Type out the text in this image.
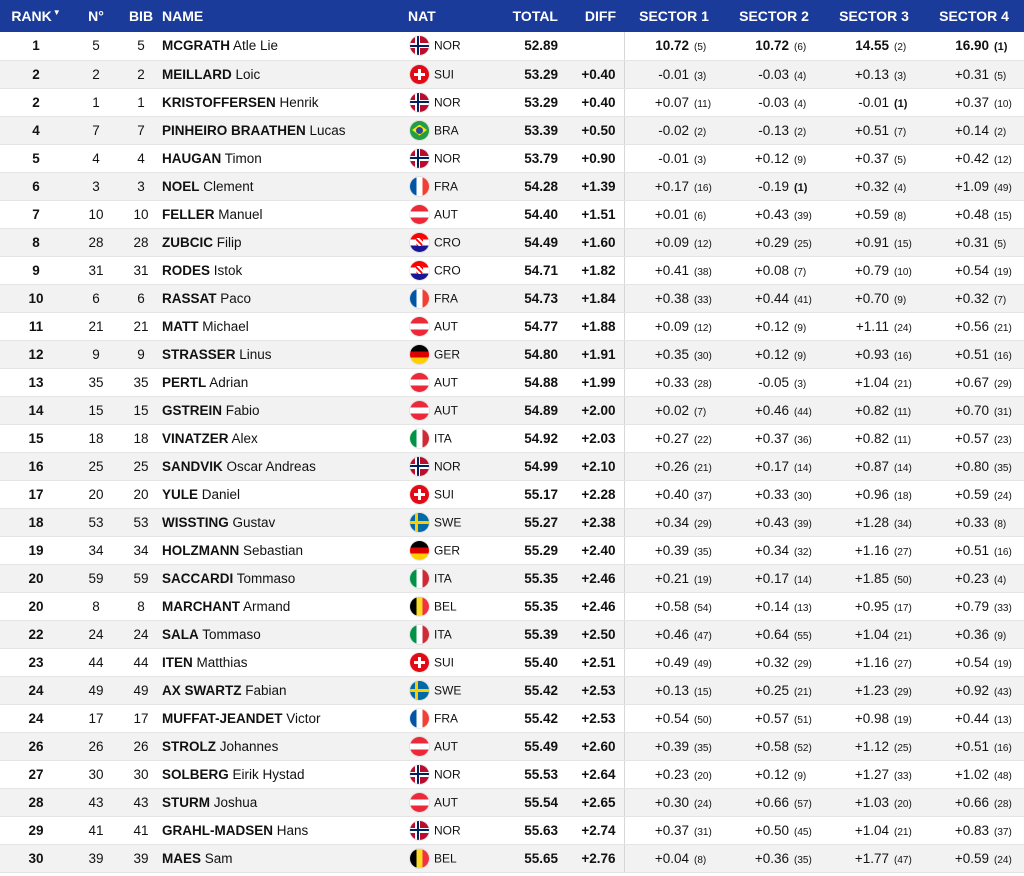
RANK▼	N°	BIB	NAME	NAT	TOTAL	DIFF	SECTOR 1	SECTOR 2	SECTOR 3	SECTOR 4
1	5	5	MCGRATH Atle Lie	NOR	52.89		10.72 (5)	10.72 (6)	14.55 (2)	16.90 (1)
2	2	2	MEILLARD Loic	SUI	53.29	+0.40	-0.01 (3)	-0.03 (4)	+0.13 (3)	+0.31 (5)
2	1	1	KRISTOFFERSEN Henrik	NOR	53.29	+0.40	+0.07 (11)	-0.03 (4)	-0.01 (1)	+0.37 (10)
4	7	7	PINHEIRO BRAATHEN Lucas	BRA	53.39	+0.50	-0.02 (2)	-0.13 (2)	+0.51 (7)	+0.14 (2)
5	4	4	HAUGAN Timon	NOR	53.79	+0.90	-0.01 (3)	+0.12 (9)	+0.37 (5)	+0.42 (12)
6	3	3	NOEL Clement	FRA	54.28	+1.39	+0.17 (16)	-0.19 (1)	+0.32 (4)	+1.09 (49)
7	10	10	FELLER Manuel	AUT	54.40	+1.51	+0.01 (6)	+0.43 (39)	+0.59 (8)	+0.48 (15)
8	28	28	ZUBCIC Filip	CRO	54.49	+1.60	+0.09 (12)	+0.29 (25)	+0.91 (15)	+0.31 (5)
9	31	31	RODES Istok	CRO	54.71	+1.82	+0.41 (38)	+0.08 (7)	+0.79 (10)	+0.54 (19)
10	6	6	RASSAT Paco	FRA	54.73	+1.84	+0.38 (33)	+0.44 (41)	+0.70 (9)	+0.32 (7)
11	21	21	MATT Michael	AUT	54.77	+1.88	+0.09 (12)	+0.12 (9)	+1.11 (24)	+0.56 (21)
12	9	9	STRASSER Linus	GER	54.80	+1.91	+0.35 (30)	+0.12 (9)	+0.93 (16)	+0.51 (16)
13	35	35	PERTL Adrian	AUT	54.88	+1.99	+0.33 (28)	-0.05 (3)	+1.04 (21)	+0.67 (29)
14	15	15	GSTREIN Fabio	AUT	54.89	+2.00	+0.02 (7)	+0.46 (44)	+0.82 (11)	+0.70 (31)
15	18	18	VINATZER Alex	ITA	54.92	+2.03	+0.27 (22)	+0.37 (36)	+0.82 (11)	+0.57 (23)
16	25	25	SANDVIK Oscar Andreas	NOR	54.99	+2.10	+0.26 (21)	+0.17 (14)	+0.87 (14)	+0.80 (35)
17	20	20	YULE Daniel	SUI	55.17	+2.28	+0.40 (37)	+0.33 (30)	+0.96 (18)	+0.59 (24)
18	53	53	WISSTING Gustav	SWE	55.27	+2.38	+0.34 (29)	+0.43 (39)	+1.28 (34)	+0.33 (8)
19	34	34	HOLZMANN Sebastian	GER	55.29	+2.40	+0.39 (35)	+0.34 (32)	+1.16 (27)	+0.51 (16)
20	59	59	SACCARDI Tommaso	ITA	55.35	+2.46	+0.21 (19)	+0.17 (14)	+1.85 (50)	+0.23 (4)
20	8	8	MARCHANT Armand	BEL	55.35	+2.46	+0.58 (54)	+0.14 (13)	+0.95 (17)	+0.79 (33)
22	24	24	SALA Tommaso	ITA	55.39	+2.50	+0.46 (47)	+0.64 (55)	+1.04 (21)	+0.36 (9)
23	44	44	ITEN Matthias	SUI	55.40	+2.51	+0.49 (49)	+0.32 (29)	+1.16 (27)	+0.54 (19)
24	49	49	AX SWARTZ Fabian	SWE	55.42	+2.53	+0.13 (15)	+0.25 (21)	+1.23 (29)	+0.92 (43)
24	17	17	MUFFAT-JEANDET Victor	FRA	55.42	+2.53	+0.54 (50)	+0.57 (51)	+0.98 (19)	+0.44 (13)
26	26	26	STROLZ Johannes	AUT	55.49	+2.60	+0.39 (35)	+0.58 (52)	+1.12 (25)	+0.51 (16)
27	30	30	SOLBERG Eirik Hystad	NOR	55.53	+2.64	+0.23 (20)	+0.12 (9)	+1.27 (33)	+1.02 (48)
28	43	43	STURM Joshua	AUT	55.54	+2.65	+0.30 (24)	+0.66 (57)	+1.03 (20)	+0.66 (28)
29	41	41	GRAHL-MADSEN Hans	NOR	55.63	+2.74	+0.37 (31)	+0.50 (45)	+1.04 (21)	+0.83 (37)
30	39	39	MAES Sam	BEL	55.65	+2.76	+0.04 (8)	+0.36 (35)	+1.77 (47)	+0.59 (24)
